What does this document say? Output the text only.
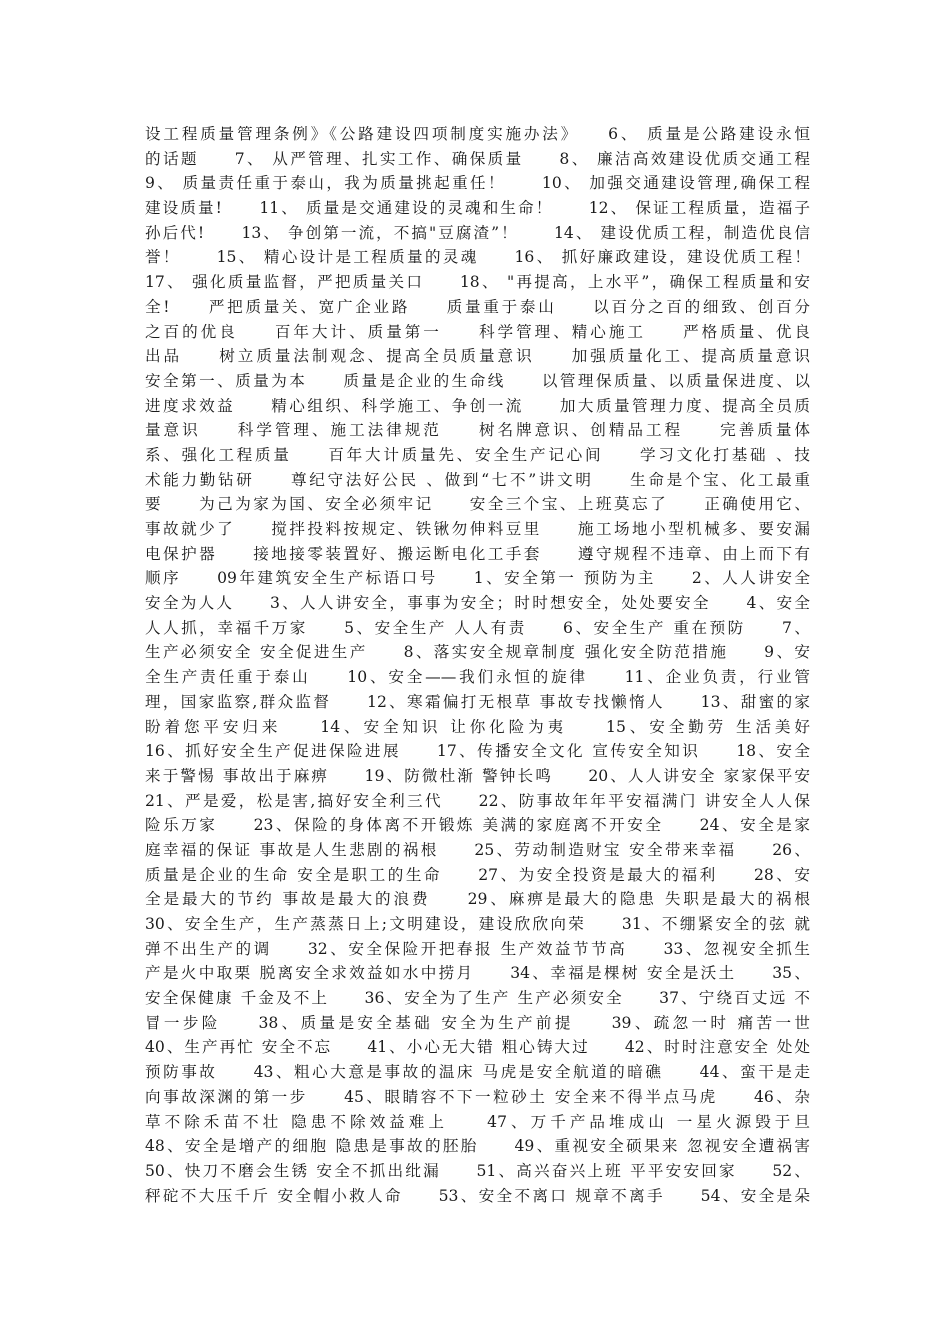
设工程质量管理条例》《公路建设四项制度实施办法》　　6、 质量是公路建设永恒
的话题　　7、 从严管理、扎实工作、确保质量　　8、 廉洁高效建设优质交通工程
9、 质量责任重于泰山，我为质量挑起重任！　　10、 加强交通建设管理,确保工程
建设质量!　　11、 质量是交通建设的灵魂和生命！　　12、 保证工程质量，造福子
孙后代!　　13、 争创第一流，不搞"豆腐渣”！　　14、 建设优质工程，制造优良信
誉！　　15、 精心设计是工程质量的灵魂　　16、 抓好廉政建设，建设优质工程！
17、 强化质量监督，严把质量关口　　18、 "再提高，上水平”，确保工程质量和安
全!　　严把质量关、宽广企业路　　质量重于泰山　　以百分之百的细致、创百分
之百的优良　　百年大计、质量第一　　科学管理、精心施工　　严格质量、优良
出品　　树立质量法制观念、提高全员质量意识　　加强质量化工、提高质量意识
安全第一、质量为本　　质量是企业的生命线　　以管理保质量、以质量保进度、以
进度求效益　　精心组织、科学施工、争创一流　　加大质量管理力度、提高全员质
量意识　　科学管理、施工法律规范　　树名牌意识、创精品工程　　完善质量体
系、强化工程质量　　百年大计质量先、安全生产记心间　　学习文化打基础 、技
术能力勤钻研　　尊纪守法好公民 、做到“七不”讲文明　　生命是个宝、化工最重
要　　为己为家为国、安全必须牢记　　安全三个宝、上班莫忘了　　正确使用它、
事故就少了　　搅拌投料按规定、铁锹勿伸料豆里　　施工场地小型机械多、要安漏
电保护器　　接地接零装置好、搬运断电化工手套　　遵守规程不违章、由上而下有
顺序　　09年建筑安全生产标语口号　　1、安全第一 预防为主　　2、人人讲安全
安全为人人　　3、人人讲安全，事事为安全；时时想安全，处处要安全　　4、安全
人人抓，幸福千万家　　5、安全生产 人人有责　　6、安全生产 重在预防　　7、
生产必须安全 安全促进生产　　8、落实安全规章制度 强化安全防范措施　　9、安
全生产责任重于泰山　　10、安全——我们永恒的旋律　　11、企业负责，行业管
理，国家监察,群众监督　　12、寒霜偏打无根草 事故专找懒惰人　　13、甜蜜的家
盼着您平安归来　　14、安全知识 让你化险为夷　　15、安全勤劳 生活美好
16、抓好安全生产促进保险进展　　17、传播安全文化 宣传安全知识　　18、安全
来于警惕 事故出于麻痹　　19、防微杜渐 警钟长鸣　　20、人人讲安全 家家保平安
21、严是爱，松是害,搞好安全利三代　　22、防事故年年平安福满门 讲安全人人保
险乐万家　　23、保险的身体离不开锻炼 美满的家庭离不开安全　　24、安全是家
庭幸福的保证 事故是人生悲剧的祸根　　25、劳动制造财宝 安全带来幸福　　26、
质量是企业的生命 安全是职工的生命　　27、为安全投资是最大的福利　　28、安
全是最大的节约 事故是最大的浪费　　29、麻痹是最大的隐患 失职是最大的祸根
30、安全生产，生产蒸蒸日上;文明建设，建设欣欣向荣　　31、不绷紧安全的弦 就
弹不出生产的调　　32、安全保险开把春报 生产效益节节高　　33、忽视安全抓生
产是火中取栗 脱离安全求效益如水中捞月　　34、幸福是棵树 安全是沃土　　35、
安全保健康 千金及不上　　36、安全为了生产 生产必须安全　　37、宁绕百丈远 不
冒一步险　　38、质量是安全基础 安全为生产前提　　39、疏忽一时 痛苦一世
40、生产再忙 安全不忘　　41、小心无大错 粗心铸大过　　42、时时注意安全 处处
预防事故　　43、粗心大意是事故的温床 马虎是安全航道的暗礁　　44、蛮干是走
向事故深渊的第一步　　45、眼睛容不下一粒砂土 安全来不得半点马虎　　46、杂
草不除禾苗不壮 隐患不除效益难上　　47、万千产品堆成山 一星火源毁于旦
48、安全是增产的细胞 隐患是事故的胚胎　　49、重视安全硕果来 忽视安全遭祸害
50、快刀不磨会生锈 安全不抓出纰漏　　51、高兴奋兴上班 平平安安回家　　52、
秤砣不大压千斤 安全帽小救人命　　53、安全不离口 规章不离手　　54、安全是朵
